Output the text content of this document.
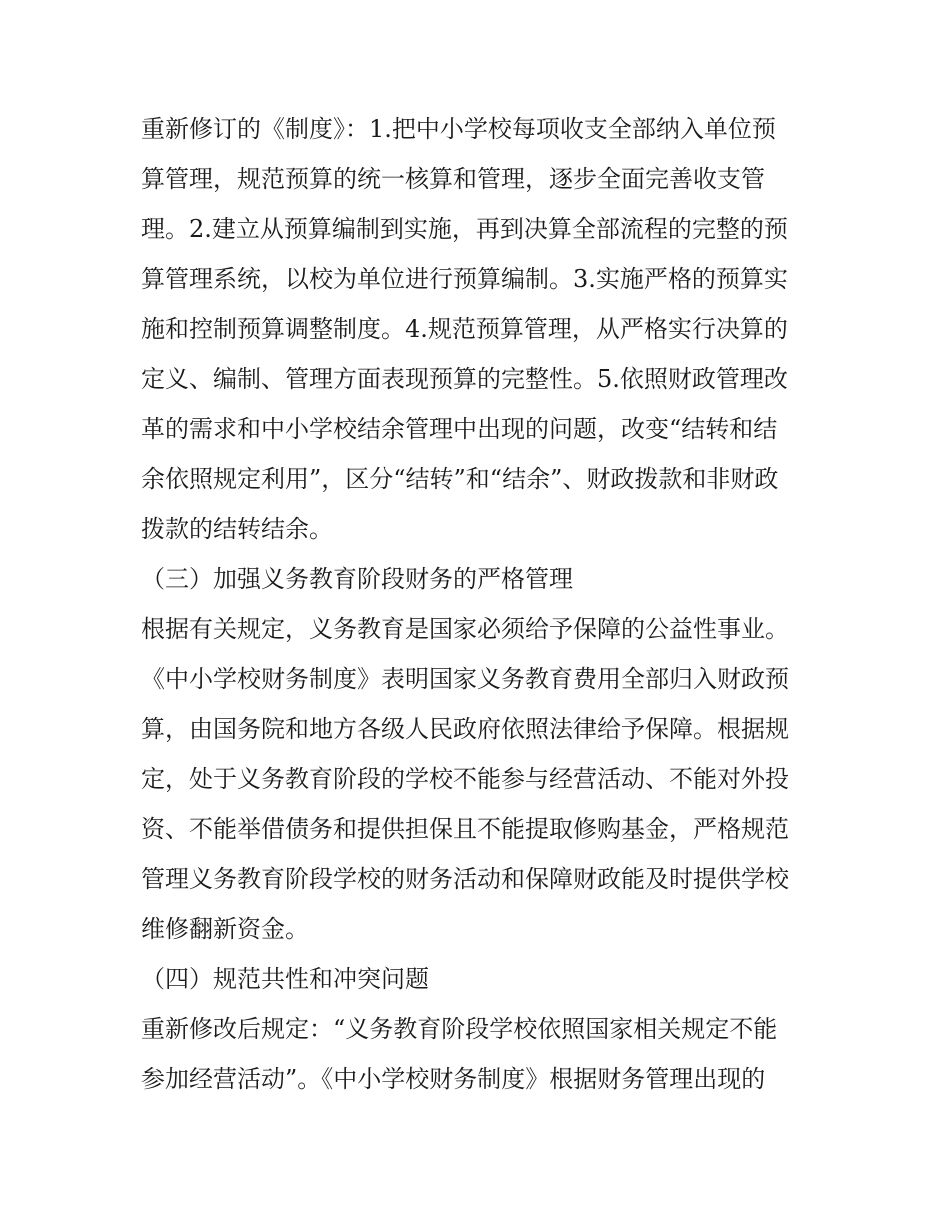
重新修订的《制度》：1.把中小学校每项收支全部纳入单位预

算管理，规范预算的统一核算和管理，逐步全面完善收支管

理。2.建立从预算编制到实施，再到决算全部流程的完整的预

算管理系统，以校为单位进行预算编制。3.实施严格的预算实

施和控制预算调整制度。4.规范预算管理，从严格实行决算的

定义、编制、管理方面表现预算的完整性。5.依照财政管理改

革的需求和中小学校结余管理中出现的问题，改变“结转和结

余依照规定利用”，区分“结转”和“结余”、财政拨款和非财政

拨款的结转结余。

（三）加强义务教育阶段财务的严格管理

根据有关规定，义务教育是国家必须给予保障的公益性事业。

《中小学校财务制度》表明国家义务教育费用全部归入财政预

算，由国务院和地方各级人民政府依照法律给予保障。根据规

定，处于义务教育阶段的学校不能参与经营活动、不能对外投

资、不能举借债务和提供担保且不能提取修购基金，严格规范

管理义务教育阶段学校的财务活动和保障财政能及时提供学校

维修翻新资金。

（四）规范共性和冲突问题

重新修改后规定：“义务教育阶段学校依照国家相关规定不能

参加经营活动”。《中小学校财务制度》根据财务管理出现的
